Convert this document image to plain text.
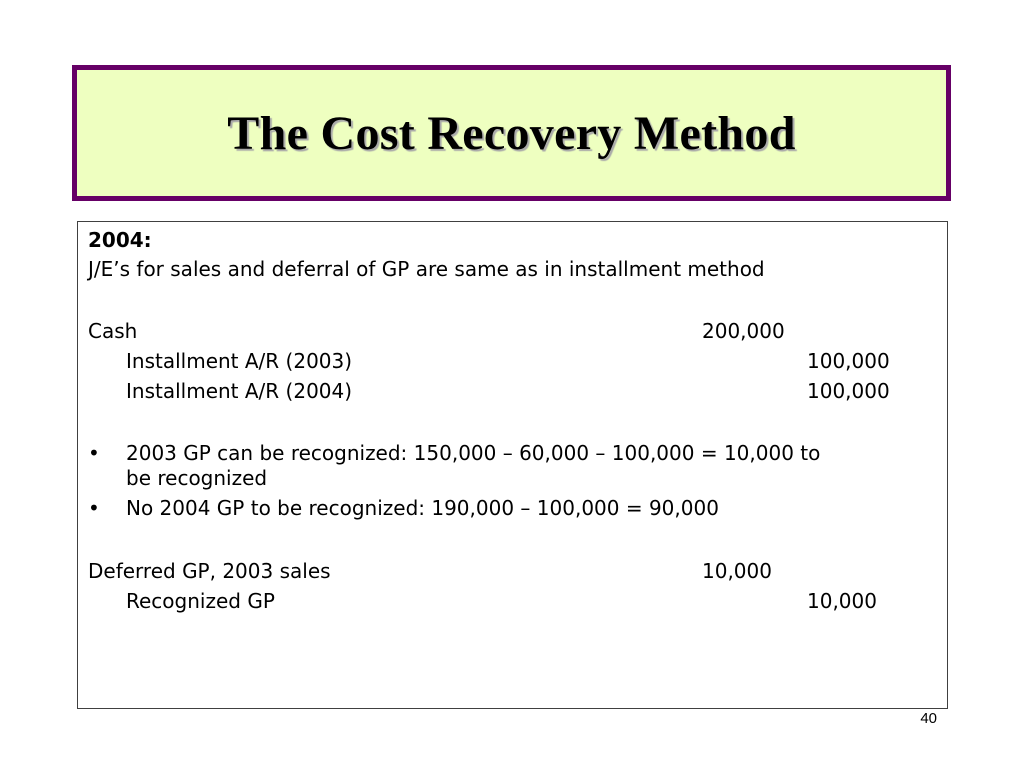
The Cost Recovery Method
2004:
J/E’s for sales and deferral of GP are same as in installment method
Cash	200,000
Installment A/R (2003)	100,000
Installment A/R (2004)	100,000
• 2003 GP can be recognized: 150,000 – 60,000 – 100,000 = 10,000 to
be recognized
• No 2004 GP to be recognized: 190,000 – 100,000 = 90,000
Deferred GP, 2003 sales	10,000
Recognized GP	10,000
40
